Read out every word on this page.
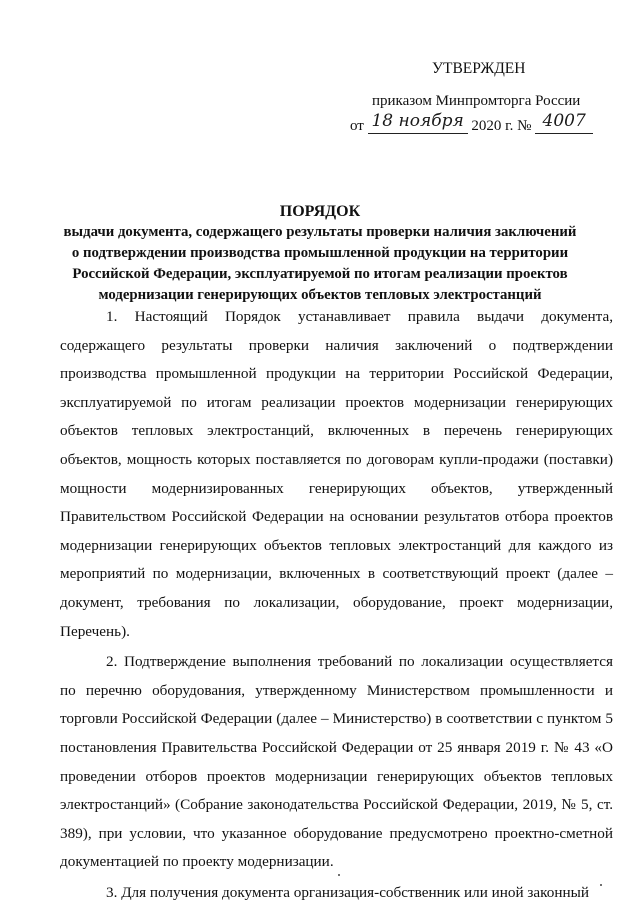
УТВЕРЖДЕН
приказом Минпромторга России
от 18 ноября 2020 г. № 4007
ПОРЯДОК
выдачи документа, содержащего результаты проверки наличия заключений о подтверждении производства промышленной продукции на территории Российской Федерации, эксплуатируемой по итогам реализации проектов модернизации генерирующих объектов тепловых электростанций

1. Настоящий Порядок устанавливает правила выдачи документа, содержащего результаты проверки наличия заключений о подтверждении производства промышленной продукции на территории Российской Федерации, эксплуатируемой по итогам реализации проектов модернизации генерирующих объектов тепловых электростанций, включенных в перечень генерирующих объектов, мощность которых поставляется по договорам купли-продажи (поставки) мощности модернизированных генерирующих объектов, утвержденный Правительством Российской Федерации на основании результатов отбора проектов модернизации генерирующих объектов тепловых электростанций для каждого из мероприятий по модернизации, включенных в соответствующий проект (далее – документ, требования по локализации, оборудование, проект модернизации, Перечень).

2. Подтверждение выполнения требований по локализации осуществляется по перечню оборудования, утвержденному Министерством промышленности и торговли Российской Федерации (далее – Министерство) в соответствии с пунктом 5 постановления Правительства Российской Федерации от 25 января 2019 г. № 43 «О проведении отборов проектов модернизации генерирующих объектов тепловых электростанций» (Собрание законодательства Российской Федерации, 2019, № 5, ст. 389), при условии, что указанное оборудование предусмотрено проектно-сметной документацией по проекту модернизации.

3. Для получения документа организация-собственник или иной законный
